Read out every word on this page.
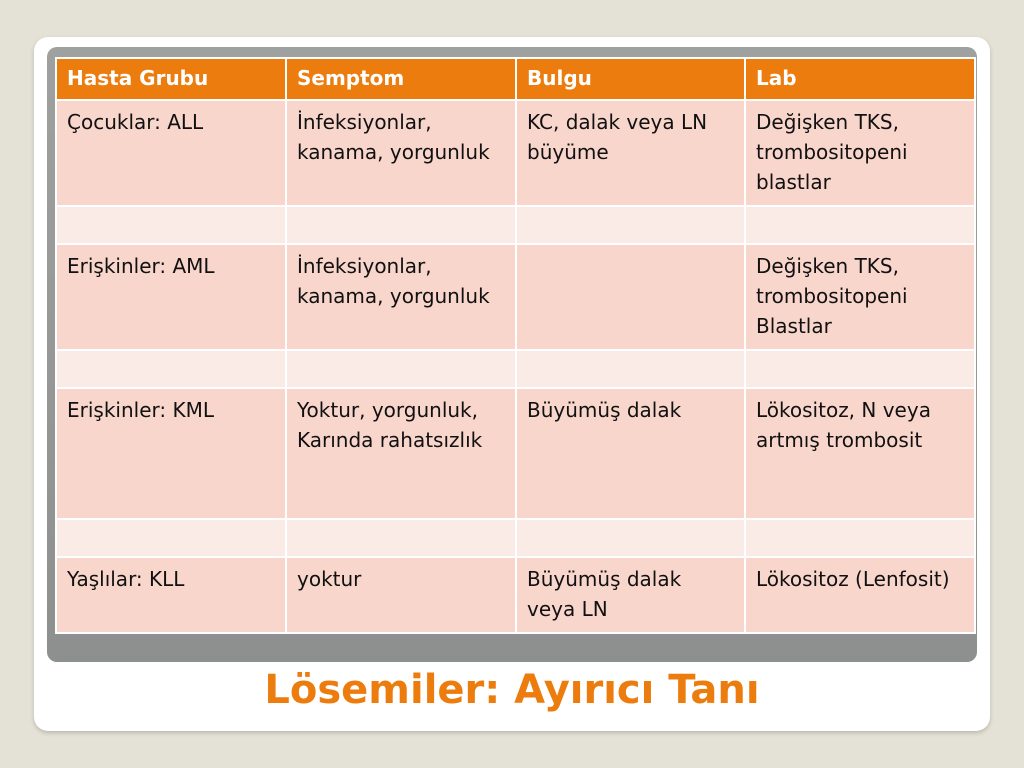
Hasta Grubu	Semptom	Bulgu	Lab
Çocuklar: ALL	İnfeksiyonlar, kanama, yorgunluk	KC, dalak veya LN büyüme	Değişken TKS, trombositopeni blastlar

Erişkinler: AML	İnfeksiyonlar, kanama, yorgunluk		Değişken TKS, trombositopeni Blastlar

Erişkinler: KML	Yoktur, yorgunluk, Karında rahatsızlık	Büyümüş dalak	Lökositoz, N veya artmış trombosit

Yaşlılar: KLL	yoktur	Büyümüş dalak veya LN	Lökositoz (Lenfosit)
Lösemiler: Ayırıcı Tanı
